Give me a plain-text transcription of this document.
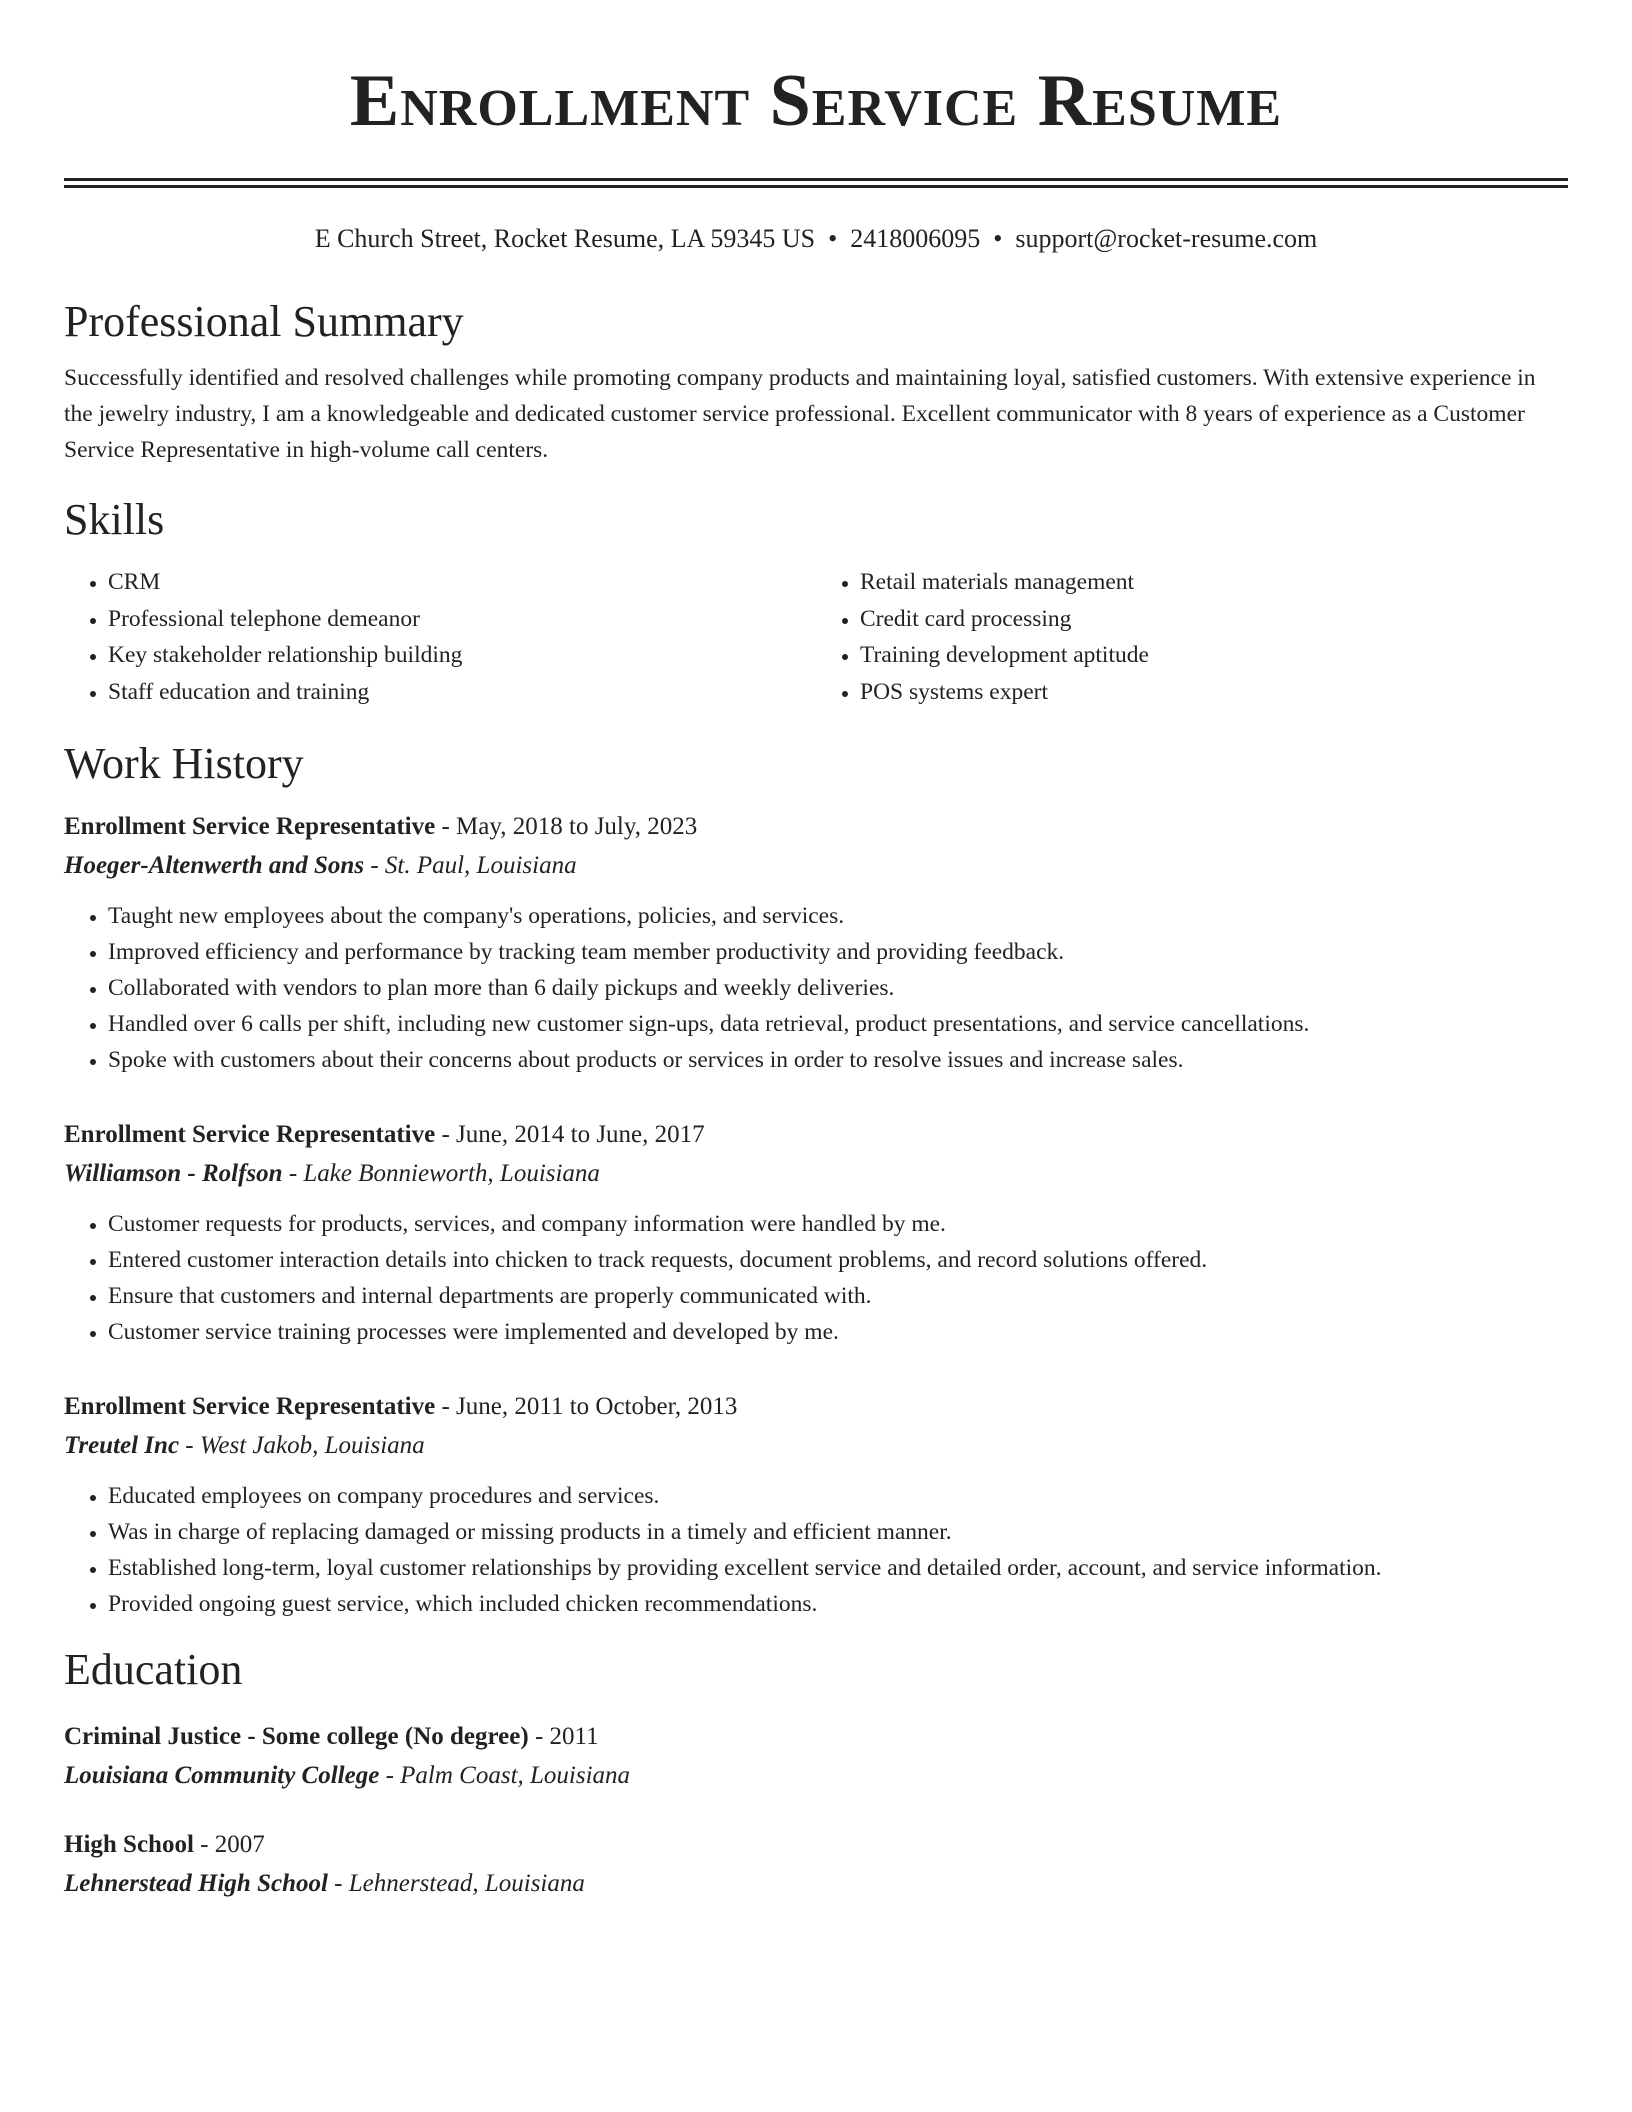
Enrollment Service Resume
E Church Street, Rocket Resume, LA 59345 US • 2418006095 • support@rocket-resume.com
Professional Summary
Successfully identified and resolved challenges while promoting company products and maintaining loyal, satisfied customers. With extensive experience in the jewelry industry, I am a knowledgeable and dedicated customer service professional. Excellent communicator with 8 years of experience as a Customer Service Representative in high-volume call centers.
Skills
• CRM
• Professional telephone demeanor
• Key stakeholder relationship building
• Staff education and training
• Retail materials management
• Credit card processing
• Training development aptitude
• POS systems expert
Work History
Enrollment Service Representative - May, 2018 to July, 2023
Hoeger-Altenwerth and Sons - St. Paul, Louisiana
• Taught new employees about the company's operations, policies, and services.
• Improved efficiency and performance by tracking team member productivity and providing feedback.
• Collaborated with vendors to plan more than 6 daily pickups and weekly deliveries.
• Handled over 6 calls per shift, including new customer sign-ups, data retrieval, product presentations, and service cancellations.
• Spoke with customers about their concerns about products or services in order to resolve issues and increase sales.
Enrollment Service Representative - June, 2014 to June, 2017
Williamson - Rolfson - Lake Bonnieworth, Louisiana
• Customer requests for products, services, and company information were handled by me.
• Entered customer interaction details into chicken to track requests, document problems, and record solutions offered.
• Ensure that customers and internal departments are properly communicated with.
• Customer service training processes were implemented and developed by me.
Enrollment Service Representative - June, 2011 to October, 2013
Treutel Inc - West Jakob, Louisiana
• Educated employees on company procedures and services.
• Was in charge of replacing damaged or missing products in a timely and efficient manner.
• Established long-term, loyal customer relationships by providing excellent service and detailed order, account, and service information.
• Provided ongoing guest service, which included chicken recommendations.
Education
Criminal Justice - Some college (No degree) - 2011
Louisiana Community College - Palm Coast, Louisiana
High School - 2007
Lehnerstead High School - Lehnerstead, Louisiana
